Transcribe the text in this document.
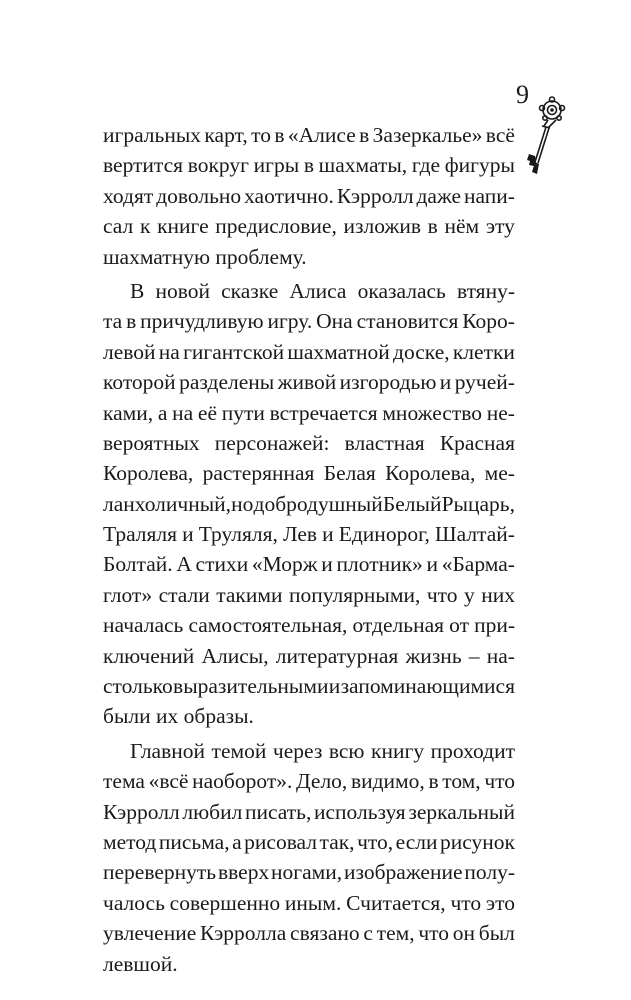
9
игральных карт, то в «Алисе в Зазеркалье» всё
вертится вокруг игры в шахматы, где фигуры
ходят довольно хаотично. Кэрролл даже напи-
сал к книге предисловие, изложив в нём эту
шахматную
проблему.
В новой сказке Алиса оказалась втяну-
та в причудливую игру. Она становится Коро-
левой на гигантской шахматной доске, клетки
которой разделены живой изгородью и ручей-
ками, а на её пути встречается множество не-
вероятных персонажей: властная Красная
Королева, растерянная Белая Королева, ме-
ланхоличный, но добродушный Белый Рыцарь,
Траляля и Труляля, Лев и Единорог, Шалтай-
Болтай. А стихи «Морж и плотник» и «Барма-
глот» стали такими популярными, что у них
началась самостоятельная, отдельная от при-
ключений Алисы, литературная жизнь – на-
столько выразительными и запоминающимися
были
их
образы.
Главной темой через всю книгу проходит
тема «всё наоборот». Дело, видимо, в том, что
Кэрролл любил писать, используя зеркальный
метод письма, а рисовал так, что, если рисунок
перевернуть вверх ногами, изображение полу-
чалось совершенно иным. Считается, что это
увлечение Кэрролла связано с тем, что он был
левшой.
